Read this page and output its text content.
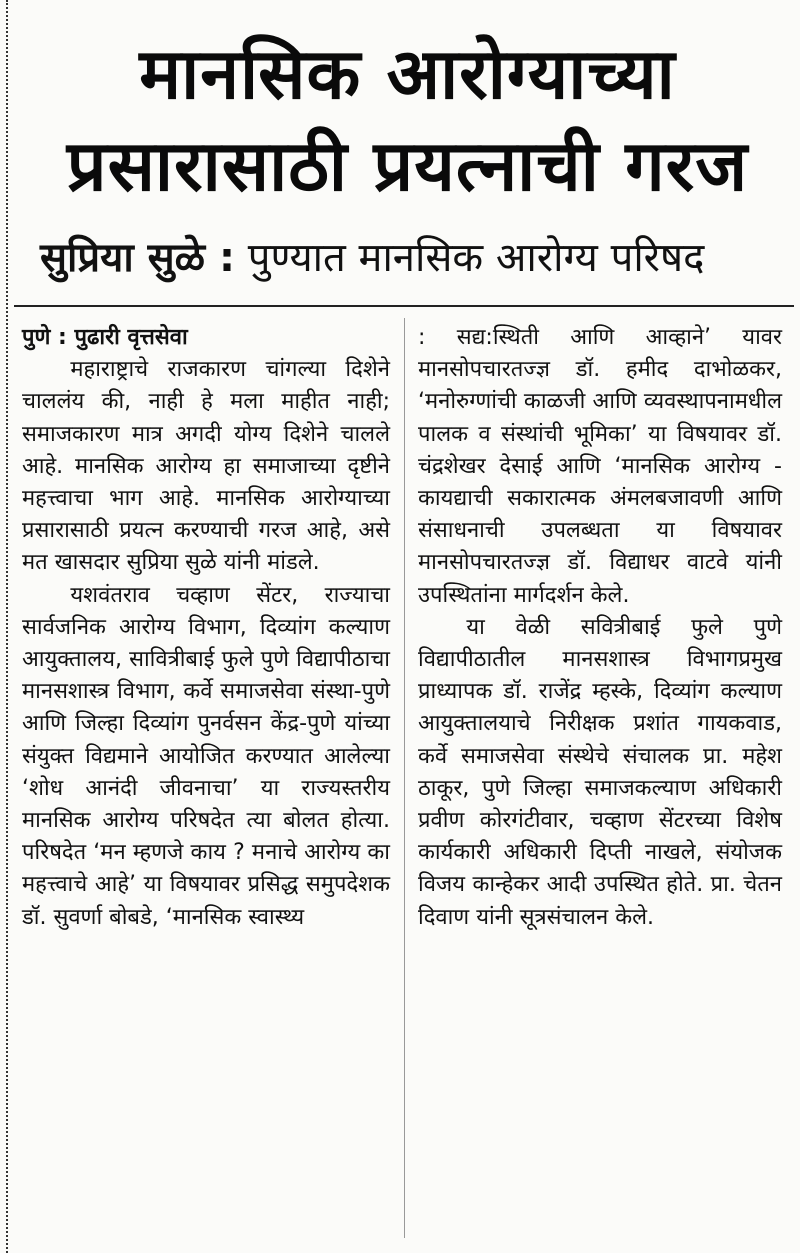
मानसिक आरोग्याच्या
प्रसारासाठी प्रयत्नाची गरज
सुप्रिया सुळे : पुण्यात मानसिक आरोग्य परिषद
पुणे : पुढारी वृत्तसेवा

महाराष्ट्राचे राजकारण चांगल्या दिशेने चाललंय की, नाही हे मला माहीत नाही; समाजकारण मात्र अगदी योग्य दिशेने चालले आहे. मानसिक आरोग्य हा समाजाच्या दृष्टीने महत्त्वाचा भाग आहे. मानसिक आरोग्याच्या प्रसारासाठी प्रयत्न करण्याची गरज आहे, असे मत खासदार सुप्रिया सुळे यांनी मांडले.

यशवंतराव चव्हाण सेंटर, राज्याचा सार्वजनिक आरोग्य विभाग, दिव्यांग कल्याण आयुक्तालय, सावित्रीबाई फुले पुणे विद्यापीठाचा मानसशास्त्र विभाग, कर्वे समाजसेवा संस्था-पुणे आणि जिल्हा दिव्यांग पुनर्वसन केंद्र-पुणे यांच्या संयुक्त विद्यमाने आयोजित करण्यात आलेल्या ‘शोध आनंदी जीवनाचा’ या राज्यस्तरीय मानसिक आरोग्य परिषदेत त्या बोलत होत्या. परिषदेत ‘मन म्हणजे काय ? मनाचे आरोग्य का महत्त्वाचे आहे’ या विषयावर प्रसिद्ध समुपदेशक डॉ. सुवर्णा बोबडे, ‘मानसिक स्वास्थ्य

: सद्य:स्थिती आणि आव्हाने’ यावर मानसोपचारतज्ज्ञ डॉ. हमीद दाभोळकर, ‘मनोरुग्णांची काळजी आणि व्यवस्थापनामधील पालक व संस्थांची भूमिका’ या विषयावर डॉ. चंद्रशेखर देसाई आणि ‘मानसिक आरोग्य - कायद्याची सकारात्मक अंमलबजावणी आणि संसाधनाची उपलब्धता या विषयावर मानसोपचारतज्ज्ञ डॉ. विद्याधर वाटवे यांनी उपस्थितांना मार्गदर्शन केले.

या वेळी सवित्रीबाई फुले पुणे विद्यापीठातील मानसशास्त्र विभागप्रमुख प्राध्यापक डॉ. राजेंद्र म्हस्के, दिव्यांग कल्याण आयुक्तालयाचे निरीक्षक प्रशांत गायकवाड, कर्वे समाजसेवा संस्थेचे संचालक प्रा. महेश ठाकूर, पुणे जिल्हा समाजकल्याण अधिकारी प्रवीण कोरगंटीवार, चव्हाण सेंटरच्या विशेष कार्यकारी अधिकारी दिप्ती नाखले, संयोजक विजय कान्हेकर आदी उपस्थित होते. प्रा. चेतन दिवाण यांनी सूत्रसंचालन केले.
